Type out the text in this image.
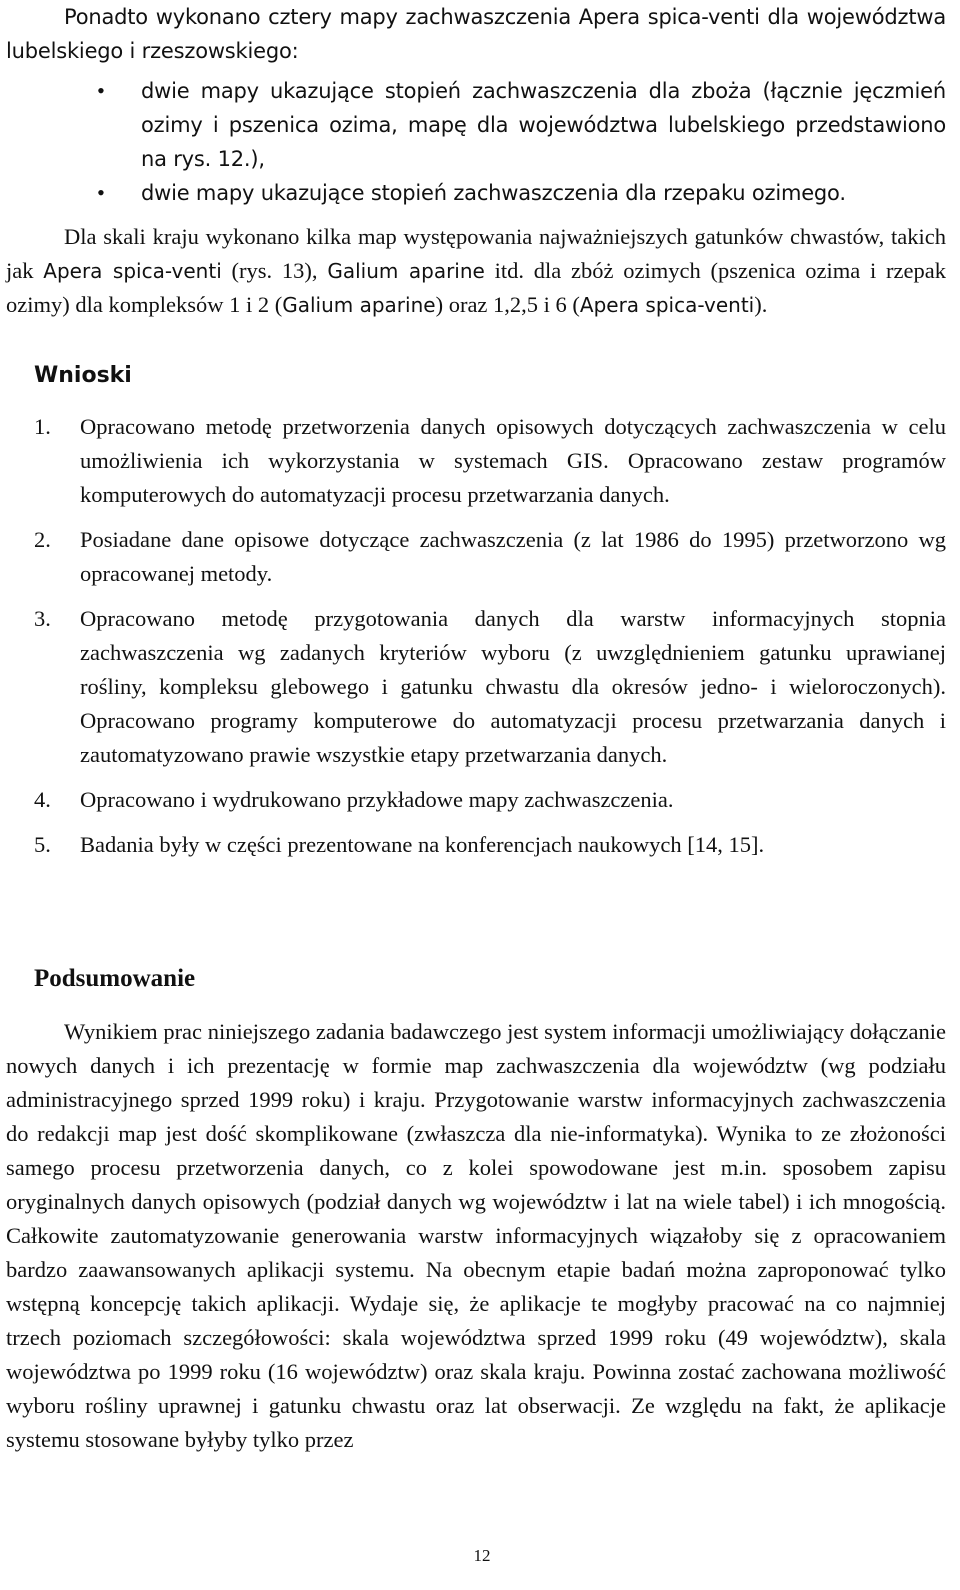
Ponadto wykonano cztery mapy zachwaszczenia Apera spica-venti dla województwa lubelskiego i rzeszowskiego:

• dwie mapy ukazujące stopień zachwaszczenia dla zboża (łącznie jęczmień ozimy i pszenica ozima, mapę dla województwa lubelskiego przedstawiono na rys. 12.),
• dwie mapy ukazujące stopień zachwaszczenia dla rzepaku ozimego.

Dla skali kraju wykonano kilka map występowania najważniejszych gatunków chwastów, takich jak Apera spica-venti (rys. 13), Galium aparine itd. dla zbóż ozimych (pszenica ozima i rzepak ozimy) dla kompleksów 1 i 2 (Galium aparine) oraz 1,2,5 i 6 (Apera spica-venti).

Wnioski
1. Opracowano metodę przetworzenia danych opisowych dotyczących zachwaszczenia w celu umożliwienia ich wykorzystania w systemach GIS. Opracowano zestaw programów komputerowych do automatyzacji procesu przetwarzania danych.
2. Posiadane dane opisowe dotyczące zachwaszczenia (z lat 1986 do 1995) przetworzono wg opracowanej metody.
3. Opracowano metodę przygotowania danych dla warstw informacyjnych stopnia zachwaszczenia wg zadanych kryteriów wyboru (z uwzględnieniem gatunku uprawianej rośliny, kompleksu glebowego i gatunku chwastu dla okresów jedno- i wieloroczonych). Opracowano programy komputerowe do automatyzacji procesu przetwarzania danych i zautomatyzowano prawie wszystkie etapy przetwarzania danych.
4. Opracowano i wydrukowano przykładowe mapy zachwaszczenia.
5. Badania były w części prezentowane na konferencjach naukowych [14, 15].
Podsumowanie

Wynikiem prac niniejszego zadania badawczego jest system informacji umożliwiający dołączanie nowych danych i ich prezentację w formie map zachwaszczenia dla województw (wg podziału administracyjnego sprzed 1999 roku) i kraju. Przygotowanie warstw informacyjnych zachwaszczenia do redakcji map jest dość skomplikowane (zwłaszcza dla nie-informatyka). Wynika to ze złożoności samego procesu przetworzenia danych, co z kolei spowodowane jest m.in. sposobem zapisu oryginalnych danych opisowych (podział danych wg województw i lat na wiele tabel) i ich mnogością. Całkowite zautomatyzowanie generowania warstw informacyjnych wiązałoby się z opracowaniem bardzo zaawansowanych aplikacji systemu. Na obecnym etapie badań można zaproponować tylko wstępną koncepcję takich aplikacji. Wydaje się, że aplikacje te mogłyby pracować na co najmniej trzech poziomach szczegółowości: skala województwa sprzed 1999 roku (49 województw), skala województwa po 1999 roku (16 województw) oraz skala kraju. Powinna zostać zachowana możliwość wyboru rośliny uprawnej i gatunku chwastu oraz lat obserwacji. Ze względu na fakt, że aplikacje systemu stosowane byłyby tylko przez

12
